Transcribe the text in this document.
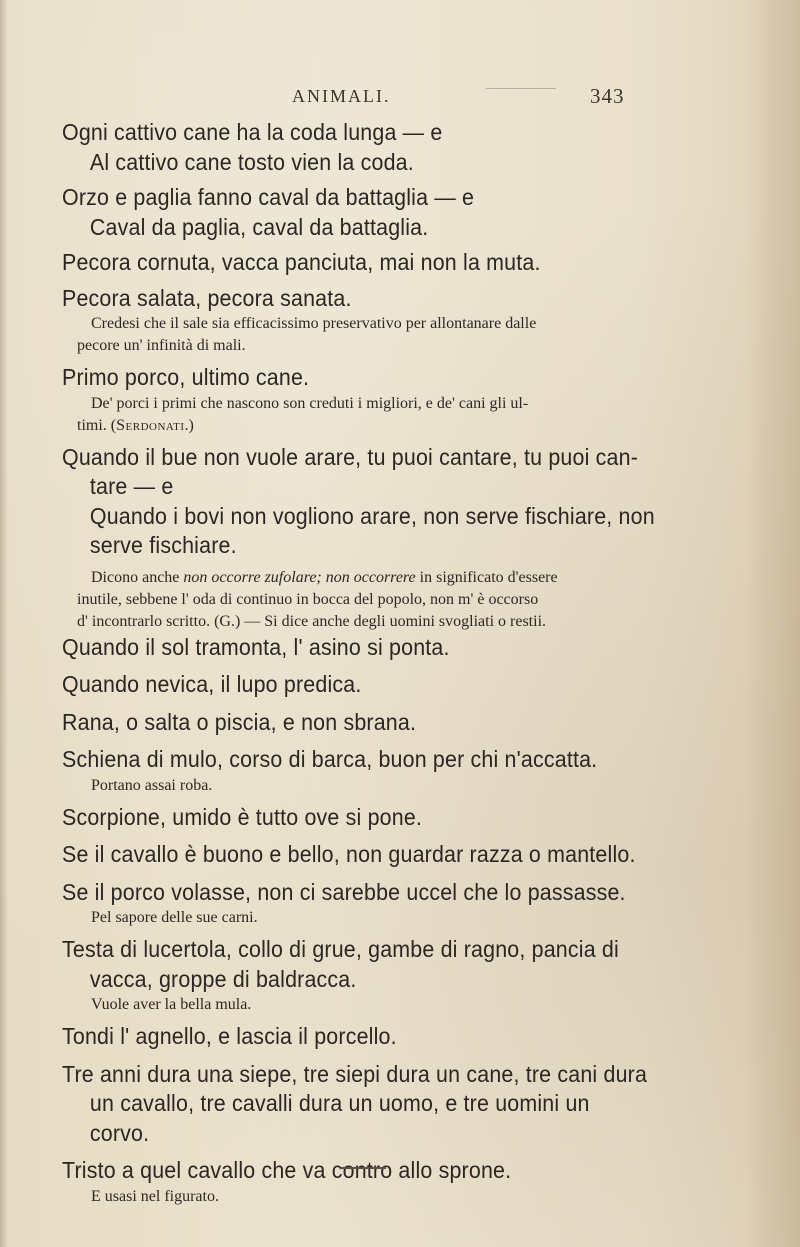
ANIMALI.	343
Ogni cattivo cane ha la coda lunga — e
Al cattivo cane tosto vien la coda.
Orzo e paglia fanno caval da battaglia — e
Caval da paglia, caval da battaglia.
Pecora cornuta, vacca panciuta, mai non la muta.
Pecora salata, pecora sanata.
Credesi che il sale sia efficacissimo preservativo per allontanare dalle
pecore un' infinità di mali.
Primo porco, ultimo cane.
De' porci i primi che nascono son creduti i migliori, e de' cani gli ul-
timi. (Serdonati.)
Quando il bue non vuole arare, tu puoi cantare, tu puoi can-
tare — e
Quando i bovi non vogliono arare, non serve fischiare, non
serve fischiare.
Dicono anche non occorre zufolare; non occorrere in significato d'essere
inutile, sebbene l' oda di continuo in bocca del popolo, non m' è occorso
d' incontrarlo scritto. (G.) — Si dice anche degli uomini svogliati o restii.
Quando il sol tramonta, l' asino si ponta.
Quando nevica, il lupo predica.
Rana, o salta o piscia, e non sbrana.
Schiena di mulo, corso di barca, buon per chi n'accatta.
Portano assai roba.
Scorpione, umido è tutto ove si pone.
Se il cavallo è buono e bello, non guardar razza o mantello.
Se il porco volasse, non ci sarebbe uccel che lo passasse.
Pel sapore delle sue carni.
Testa di lucertola, collo di grue, gambe di ragno, pancia di
vacca, groppe di baldracca.
Vuole aver la bella mula.
Tondi l' agnello, e lascia il porcello.
Tre anni dura una siepe, tre siepi dura un cane, tre cani dura
un cavallo, tre cavalli dura un uomo, e tre uomini un
corvo.
Tristo a quel cavallo che va contro allo sprone.
E usasi nel figurato.
